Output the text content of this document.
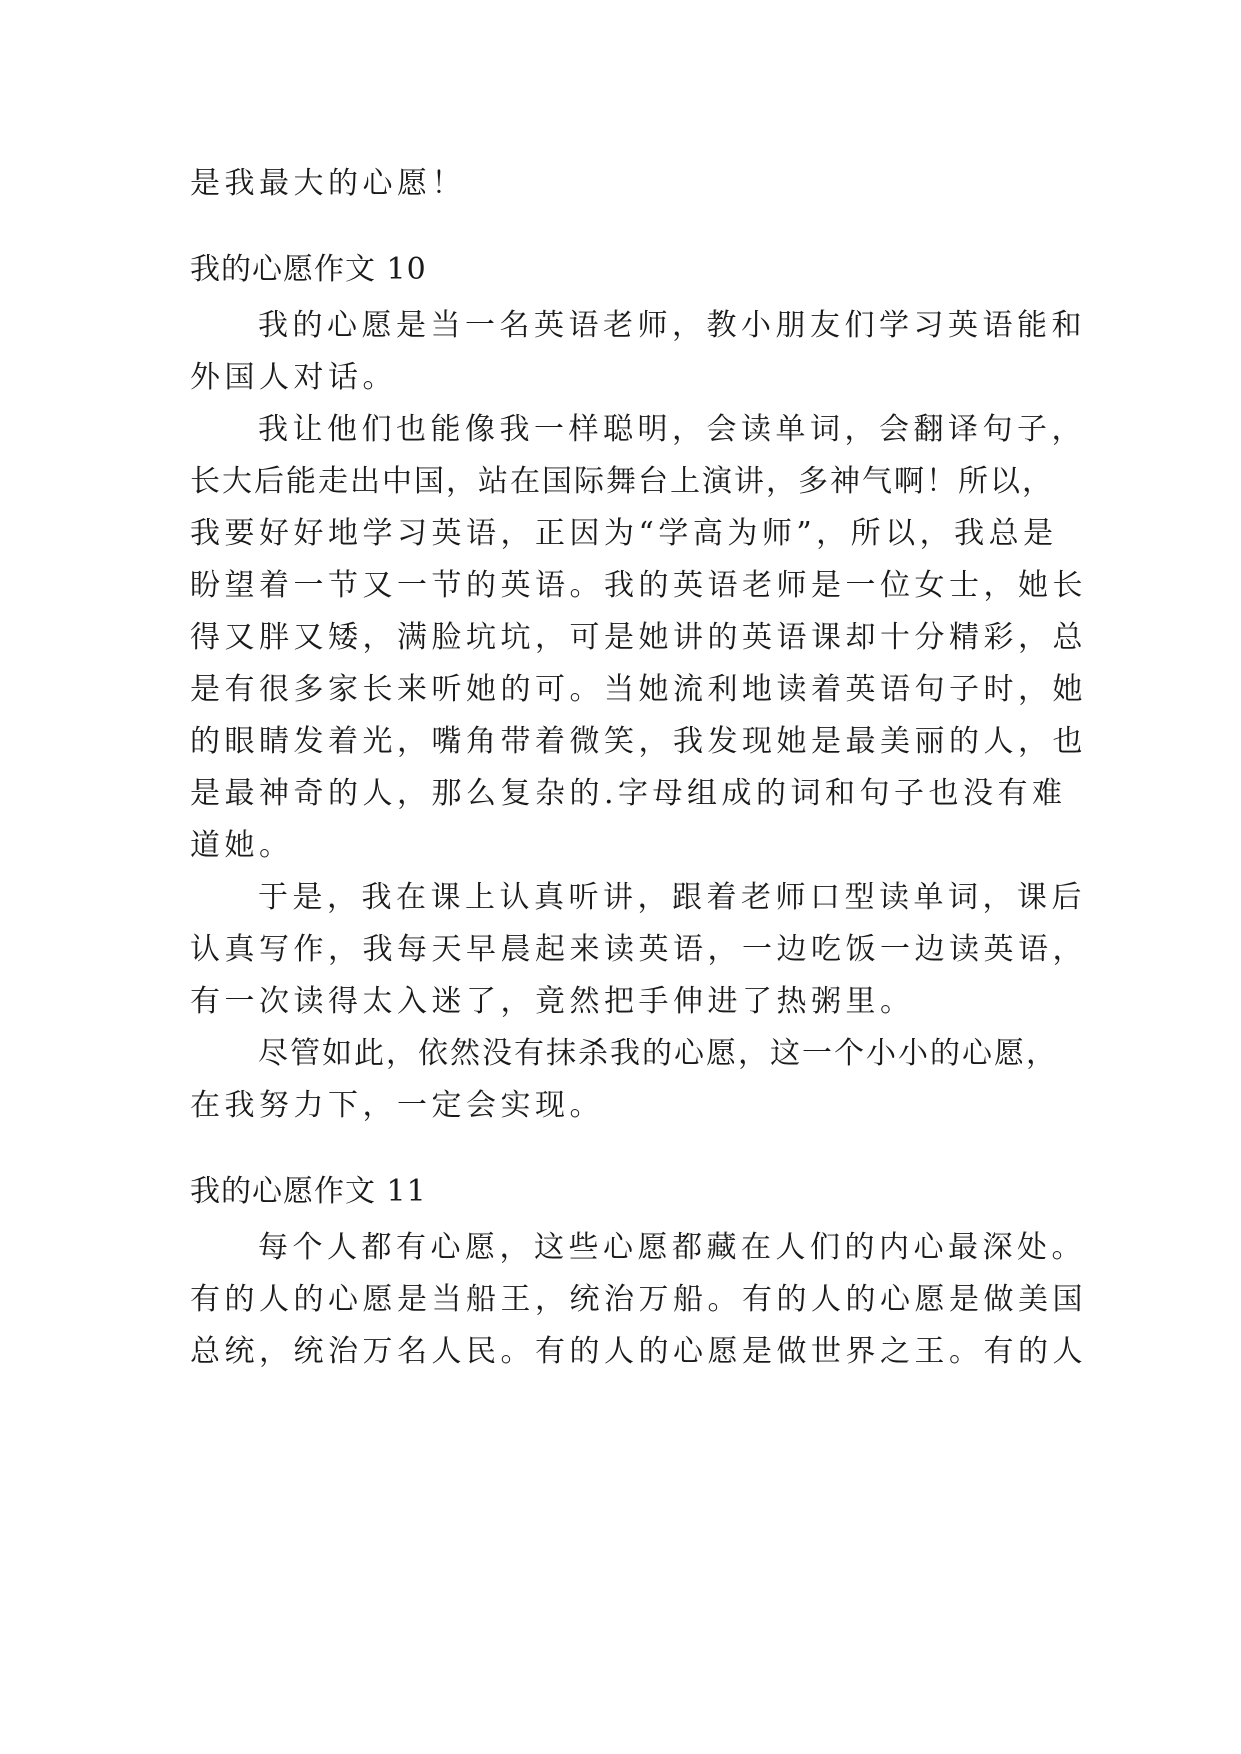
是我最大的心愿！
我的心愿作文 10
我的心愿是当一名英语老师，教小朋友们学习英语能和
外国人对话。
我让他们也能像我一样聪明，会读单词，会翻译句子，
长大后能走出中国，站在国际舞台上演讲，多神气啊！所以，
我要好好地学习英语，正因为“学高为师”，所以，我总是
盼望着一节又一节的英语。我的英语老师是一位女士，她长
得又胖又矮，满脸坑坑，可是她讲的英语课却十分精彩，总
是有很多家长来听她的可。当她流利地读着英语句子时，她
的眼睛发着光，嘴角带着微笑，我发现她是最美丽的人，也
是最神奇的人，那么复杂的.字母组成的词和句子也没有难
道她。
于是，我在课上认真听讲，跟着老师口型读单词，课后
认真写作，我每天早晨起来读英语，一边吃饭一边读英语，
有一次读得太入迷了，竟然把手伸进了热粥里。
尽管如此，依然没有抹杀我的心愿，这一个小小的心愿，
在我努力下，一定会实现。
我的心愿作文 11
每个人都有心愿，这些心愿都藏在人们的内心最深处。
有的人的心愿是当船王，统治万船。有的人的心愿是做美国
总统，统治万名人民。有的人的心愿是做世界之王。有的人
